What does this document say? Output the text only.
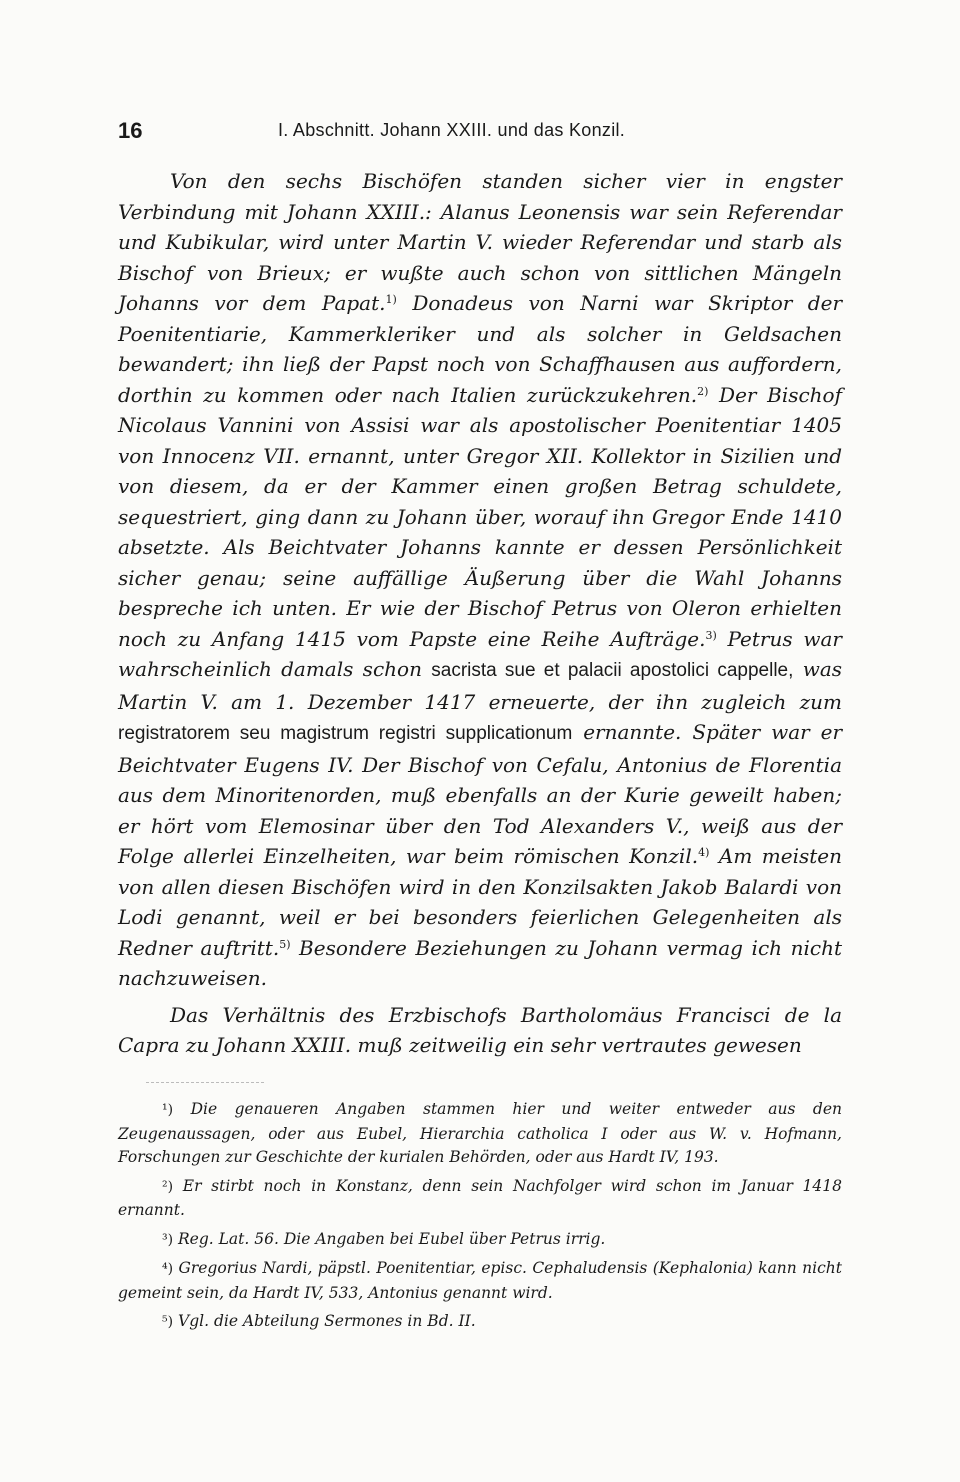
16	I. Abschnitt. Johann XXIII. und das Konzil.

Von den sechs Bischöfen standen sicher vier in engster Verbindung mit Johann XXIII.: Alanus Leonensis war sein Referendar und Kubikular, wird unter Martin V. wieder Referendar und starb als Bischof von Brieux; er wußte auch schon von sittlichen Mängeln Johanns vor dem Papat.$^{1)}$ Donadeus von Narni war Skriptor der Poenitentiarie, Kammerkleriker und als solcher in Geldsachen bewandert; ihn ließ der Papst noch von Schaffhausen aus auffordern, dorthin zu kommen oder nach Italien zurückzukehren.$^{2)}$ Der Bischof Nicolaus Vannini von Assisi war als apostolischer Poenitentiar 1405 von Innocenz VII. ernannt, unter Gregor XII. Kollektor in Sizilien und von diesem, da er der Kammer einen großen Betrag schuldete, sequestriert, ging dann zu Johann über, worauf ihn Gregor Ende 1410 absetzte. Als Beichtvater Johanns kannte er dessen Persönlichkeit sicher genau; seine auffällige Äußerung über die Wahl Johanns bespreche ich unten. Er wie der Bischof Petrus von Oleron erhielten noch zu Anfang 1415 vom Papste eine Reihe Aufträge.$^{3)}$ Petrus war wahrscheinlich damals schon sacrista sue et palacii apostolici cappelle, was Martin V. am 1. Dezember 1417 erneuerte, der ihn zugleich zum registratorem seu magistrum registri supplicationum ernannte. Später war er Beichtvater Eugens IV. Der Bischof von Cefalu, Antonius de Florentia aus dem Minoritenorden, muß ebenfalls an der Kurie geweilt haben; er hört vom Elemosinar über den Tod Alexanders V., weiß aus der Folge allerlei Einzelheiten, war beim römischen Konzil.$^{4)}$ Am meisten von allen diesen Bischöfen wird in den Konzilsakten Jakob Balardi von Lodi genannt, weil er bei besonders feierlichen Gelegenheiten als Redner auftritt.$^{5)}$ Besondere Beziehungen zu Johann vermag ich nicht nachzuweisen.

Das Verhältnis des Erzbischofs Bartholomäus Francisci de la Capra zu Johann XXIII. muß zeitweilig ein sehr vertrautes gewesen

¹) Die genaueren Angaben stammen hier und weiter entweder aus den Zeugenaussagen, oder aus Eubel, Hierarchia catholica I oder aus W. v. Hofmann, Forschungen zur Geschichte der kurialen Behörden, oder aus Hardt IV, 193.

²) Er stirbt noch in Konstanz, denn sein Nachfolger wird schon im Januar 1418 ernannt.

³) Reg. Lat. 56. Die Angaben bei Eubel über Petrus irrig.

⁴) Gregorius Nardi, päpstl. Poenitentiar, episc. Cephaludensis (Kephalonia) kann nicht gemeint sein, da Hardt IV, 533, Antonius genannt wird.

⁵) Vgl. die Abteilung Sermones in Bd. II.
